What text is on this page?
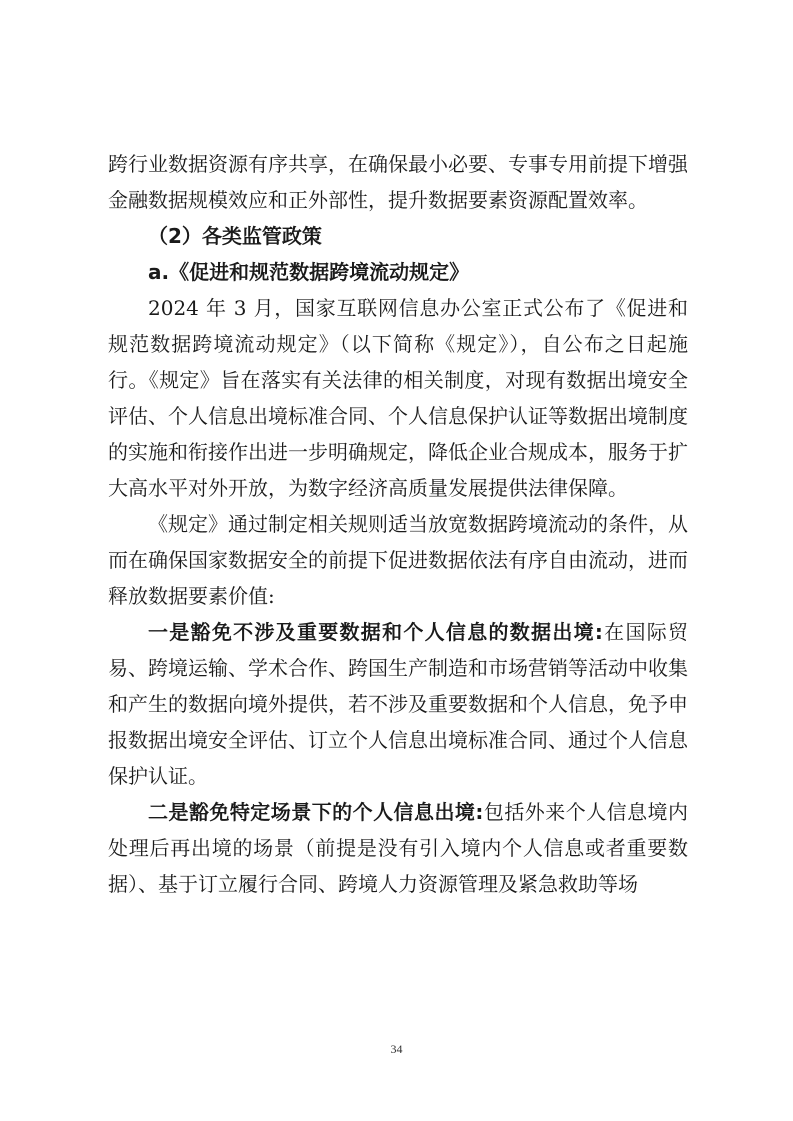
跨行业数据资源有序共享，在确保最小必要、专事专用前提下增强金融数据规模效应和正外部性，提升数据要素资源配置效率。

（2）各类监管政策

a.《促进和规范数据跨境流动规定》

2024 年 3 月，国家互联网信息办公室正式公布了《促进和规范数据跨境流动规定》（以下简称《规定》），自公布之日起施行。《规定》旨在落实有关法律的相关制度，对现有数据出境安全评估、个人信息出境标准合同、个人信息保护认证等数据出境制度的实施和衔接作出进一步明确规定，降低企业合规成本，服务于扩大高水平对外开放，为数字经济高质量发展提供法律保障。

《规定》通过制定相关规则适当放宽数据跨境流动的条件，从而在确保国家数据安全的前提下促进数据依法有序自由流动，进而释放数据要素价值:

一是豁免不涉及重要数据和个人信息的数据出境:在国际贸易、跨境运输、学术合作、跨国生产制造和市场营销等活动中收集和产生的数据向境外提供，若不涉及重要数据和个人信息，免予申报数据出境安全评估、订立个人信息出境标准合同、通过个人信息保护认证。

二是豁免特定场景下的个人信息出境:包括外来个人信息境内处理后再出境的场景（前提是没有引入境内个人信息或者重要数据）、基于订立履行合同、跨境人力资源管理及紧急救助等场

34
